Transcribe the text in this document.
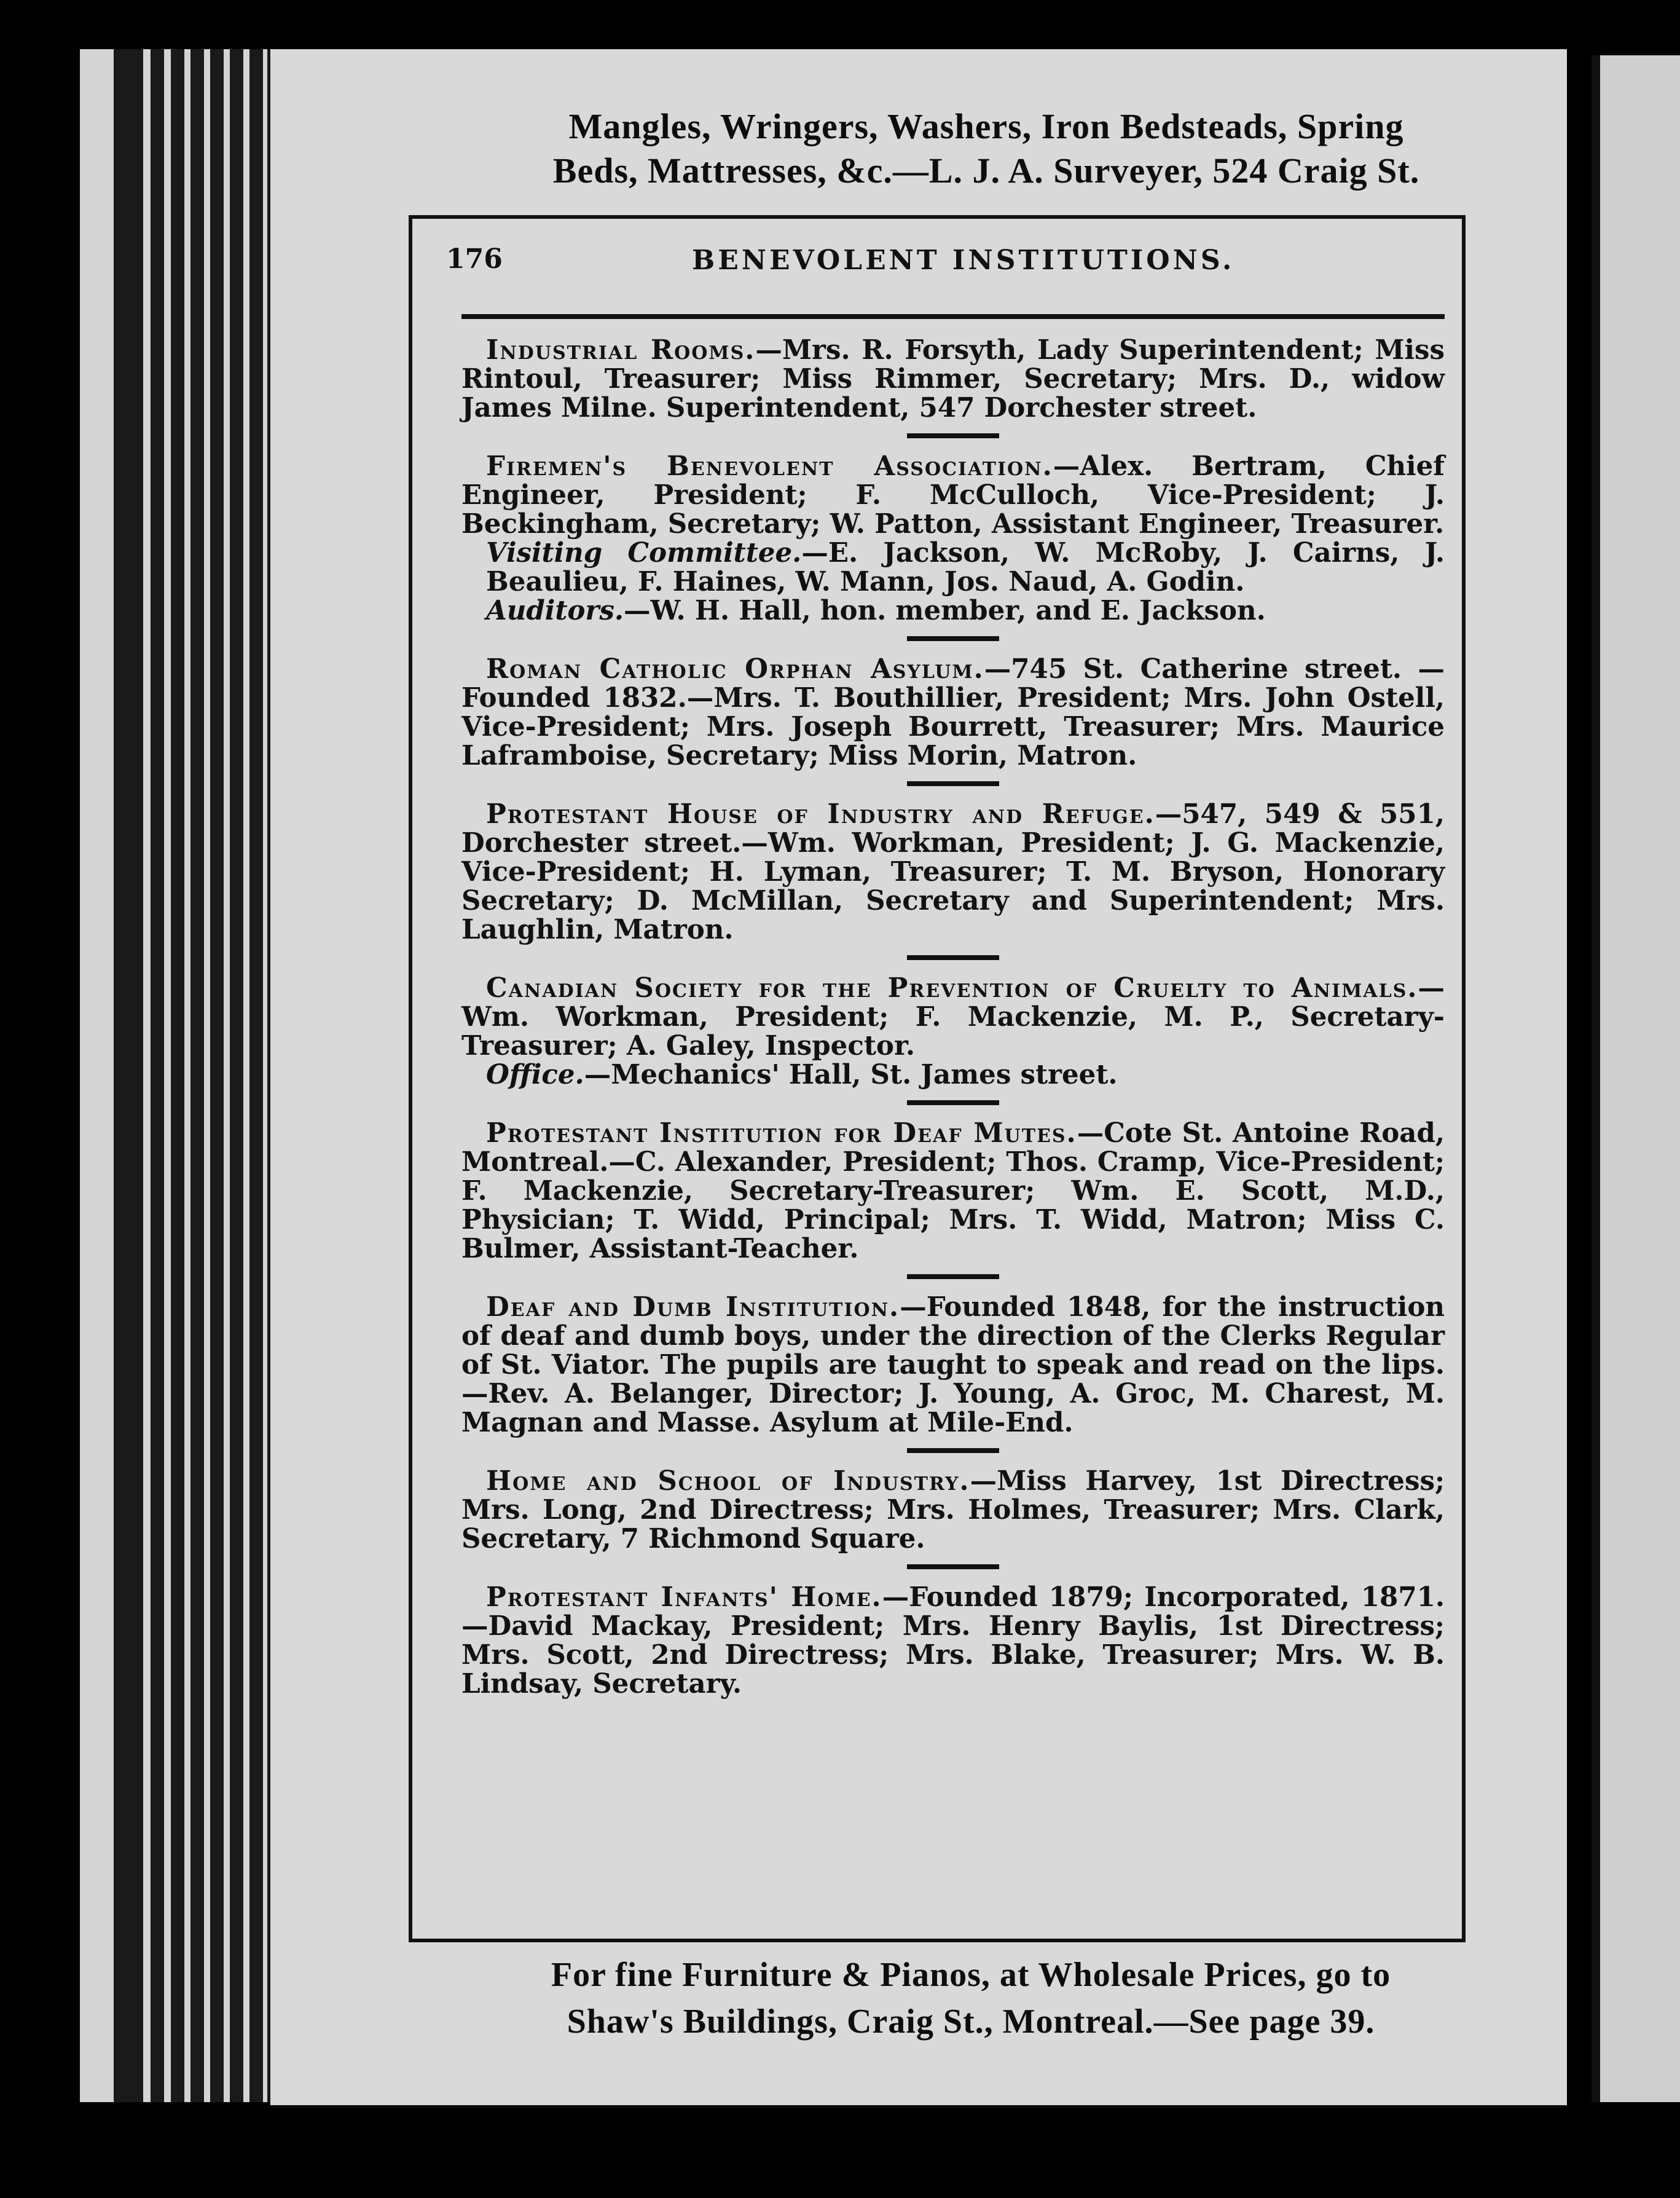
Mangles, Wringers, Washers, Iron Bedsteads, Spring
Beds, Mattresses, &c.—L. J. A. Surveyer, 524 Craig St.
176	BENEVOLENT INSTITUTIONS.

Industrial Rooms.—Mrs. R. Forsyth, Lady Superintendent; Miss Rintoul, Treasurer; Miss Rimmer, Secretary; Mrs. D., widow James Milne. Superintendent, 547 Dorchester street.

Firemen's Benevolent Association.—Alex. Bertram, Chief Engineer, President; F. McCulloch, Vice-President; J. Beckingham, Secretary; W. Patton, Assistant Engineer, Treasurer.

Visiting Committee.—E. Jackson, W. McRoby, J. Cairns, J. Beaulieu, F. Haines, W. Mann, Jos. Naud, A. Godin.

Auditors.—W. H. Hall, hon. member, and E. Jackson.

Roman Catholic Orphan Asylum.—745 St. Catherine street. —Founded 1832.—Mrs. T. Bouthillier, President; Mrs. John Ostell, Vice-President; Mrs. Joseph Bourrett, Treasurer; Mrs. Maurice Laframboise, Secretary; Miss Morin, Matron.

Protestant House of Industry and Refuge.—547, 549 & 551, Dorchester street.—Wm. Workman, President; J. G. Mackenzie, Vice-President; H. Lyman, Treasurer; T. M. Bryson, Honorary Secretary; D. McMillan, Secretary and Superintendent; Mrs. Laughlin, Matron.

Canadian Society for the Prevention of Cruelty to Animals.—Wm. Workman, President; F. Mackenzie, M. P., Secretary-Treasurer; A. Galey, Inspector.

Office.—Mechanics' Hall, St. James street.

Protestant Institution for Deaf Mutes.—Cote St. Antoine Road, Montreal.—C. Alexander, President; Thos. Cramp, Vice-President; F. Mackenzie, Secretary-Treasurer; Wm. E. Scott, M.D., Physician; T. Widd, Principal; Mrs. T. Widd, Matron; Miss C. Bulmer, Assistant-Teacher.

Deaf and Dumb Institution.—Founded 1848, for the instruction of deaf and dumb boys, under the direction of the Clerks Regular of St. Viator. The pupils are taught to speak and read on the lips.—Rev. A. Belanger, Director; J. Young, A. Groc, M. Charest, M. Magnan and Masse. Asylum at Mile-End.

Home and School of Industry.—Miss Harvey, 1st Directress; Mrs. Long, 2nd Directress; Mrs. Holmes, Treasurer; Mrs. Clark, Secretary, 7 Richmond Square.

Protestant Infants' Home.—Founded 1879; Incorporated, 1871.—David Mackay, President; Mrs. Henry Baylis, 1st Directress; Mrs. Scott, 2nd Directress; Mrs. Blake, Treasurer; Mrs. W. B. Lindsay, Secretary.

For fine Furniture & Pianos, at Wholesale Prices, go to
Shaw's Buildings, Craig St., Montreal.—See page 39.
